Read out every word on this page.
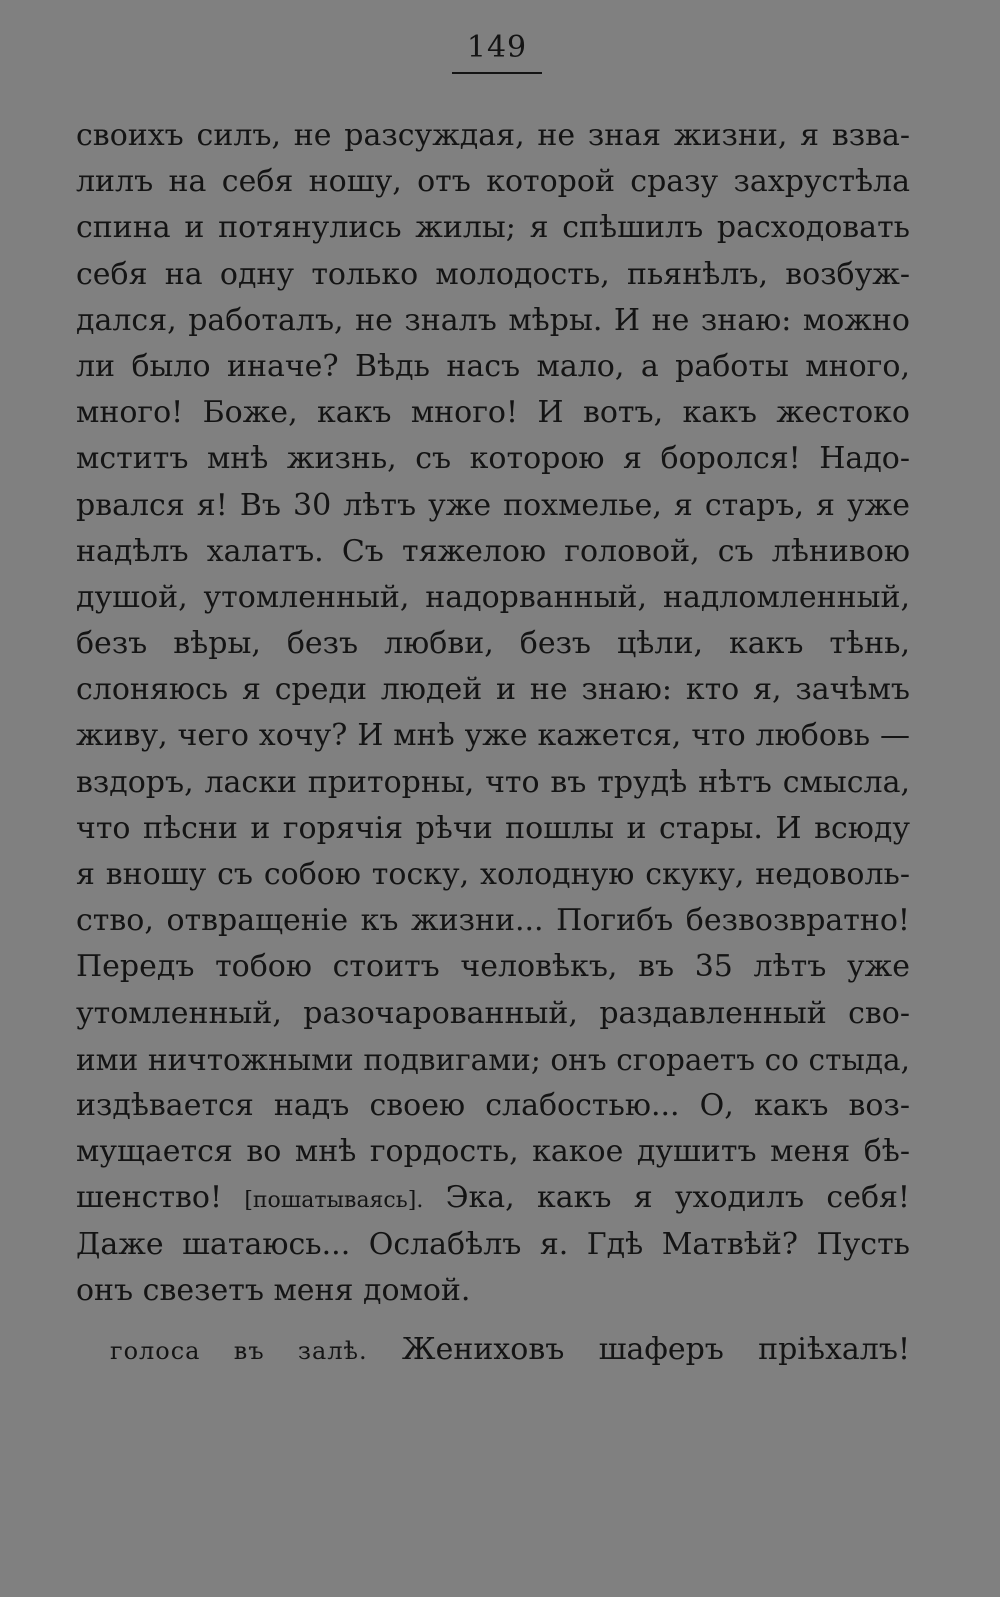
149
своихъ силъ, не разсуждая, не зная жизни, я взва-
лилъ на себя ношу, отъ которой сразу захрустѣла
спина и потянулись жилы; я спѣшилъ расходовать
себя на одну только молодость, пьянѣлъ, возбуж-
дался, работалъ, не зналъ мѣры. И не знаю: можно
ли было иначе? Вѣдь насъ мало, а работы много,
много! Боже, какъ много! И вотъ, какъ жестоко
мститъ мнѣ жизнь, съ которою я боролся! Надо-
рвался я! Въ 30 лѣтъ уже похмелье, я старъ, я уже
надѣлъ халатъ. Съ тяжелою головой, съ лѣнивою
душой, утомленный, надорванный, надломленный,
безъ вѣры, безъ любви, безъ цѣли, какъ тѣнь,
слоняюсь я среди людей и не знаю: кто я, зачѣмъ
живу, чего хочу? И мнѣ уже кажется, что любовь —
вздоръ, ласки приторны, что въ трудѣ нѣтъ смысла,
что пѣсни и горячія рѣчи пошлы и стары. И всюду
я вношу съ собою тоску, холодную скуку, недоволь-
ство, отвращеніе къ жизни... Погибъ безвозвратно!
Передъ тобою стоитъ человѣкъ, въ 35 лѣтъ уже
утомленный, разочарованный, раздавленный сво-
ими ничтожными подвигами; онъ сгораетъ со стыда,
издѣвается надъ своею слабостью... О, какъ воз-
мущается во мнѣ гордость, какое душитъ меня бѣ-
шенство! [пошатываясь]. Эка, какъ я уходилъ себя!
Даже шатаюсь... Ослабѣлъ я. Гдѣ Матвѣй? Пусть
онъ свезетъ меня домой.
голоса въ залѣ. Жениховъ шаферъ пріѣхалъ!
